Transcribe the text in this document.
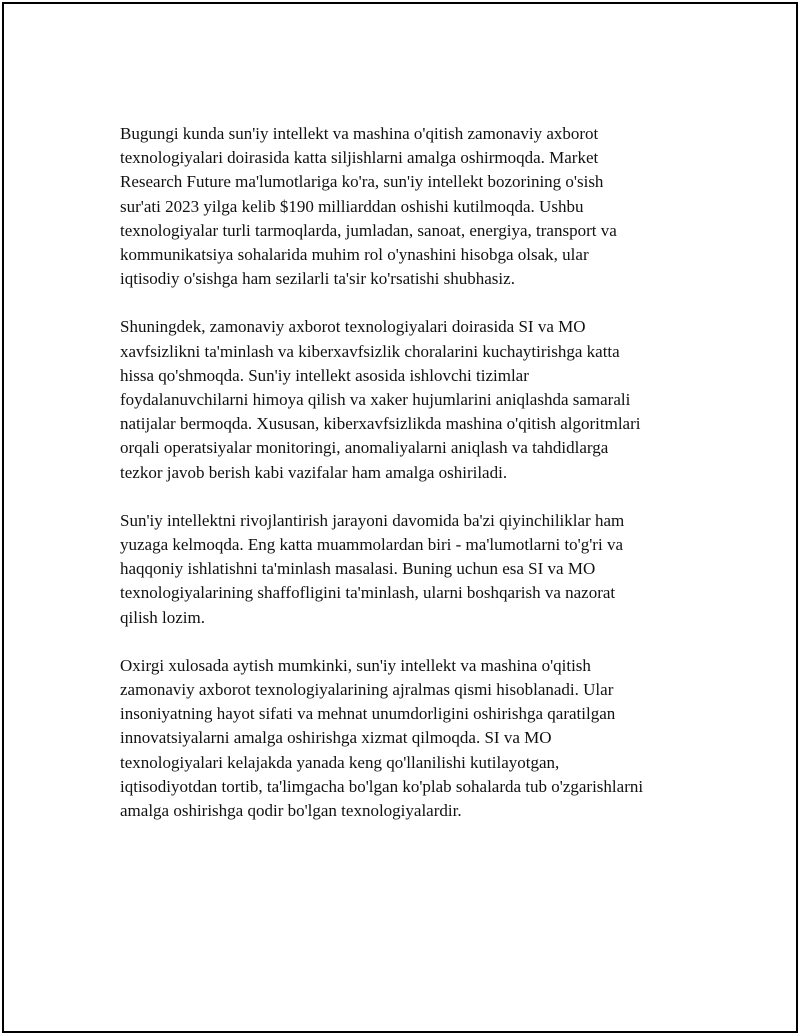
Bugungi kunda sun'iy intellekt va mashina o'qitish zamonaviy axborot
texnologiyalari doirasida katta siljishlarni amalga oshirmoqda. Market
Research Future ma'lumotlariga ko'ra, sun'iy intellekt bozorining o'sish
sur'ati 2023 yilga kelib $190 milliarddan oshishi kutilmoqda. Ushbu
texnologiyalar turli tarmoqlarda, jumladan, sanoat, energiya, transport va
kommunikatsiya sohalarida muhim rol o'ynashini hisobga olsak, ular
iqtisodiy o'sishga ham sezilarli ta'sir ko'rsatishi shubhasiz.

Shuningdek, zamonaviy axborot texnologiyalari doirasida SI va MO
xavfsizlikni ta'minlash va kiberxavfsizlik choralarini kuchaytirishga katta
hissa qo'shmoqda. Sun'iy intellekt asosida ishlovchi tizimlar
foydalanuvchilarni himoya qilish va xaker hujumlarini aniqlashda samarali
natijalar bermoqda. Xususan, kiberxavfsizlikda mashina o'qitish algoritmlari
orqali operatsiyalar monitoringi, anomaliyalarni aniqlash va tahdidlarga
tezkor javob berish kabi vazifalar ham amalga oshiriladi.

Sun'iy intellektni rivojlantirish jarayoni davomida ba'zi qiyinchiliklar ham
yuzaga kelmoqda. Eng katta muammolardan biri - ma'lumotlarni to'g'ri va
haqqoniy ishlatishni ta'minlash masalasi. Buning uchun esa SI va MO
texnologiyalarining shaffofligini ta'minlash, ularni boshqarish va nazorat
qilish lozim.

Oxirgi xulosada aytish mumkinki, sun'iy intellekt va mashina o'qitish
zamonaviy axborot texnologiyalarining ajralmas qismi hisoblanadi. Ular
insoniyatning hayot sifati va mehnat unumdorligini oshirishga qaratilgan
innovatsiyalarni amalga oshirishga xizmat qilmoqda. SI va MO
texnologiyalari kelajakda yanada keng qo'llanilishi kutilayotgan,
iqtisodiyotdan tortib, ta'limgacha bo'lgan ko'plab sohalarda tub o'zgarishlarni
amalga oshirishga qodir bo'lgan texnologiyalardir.
